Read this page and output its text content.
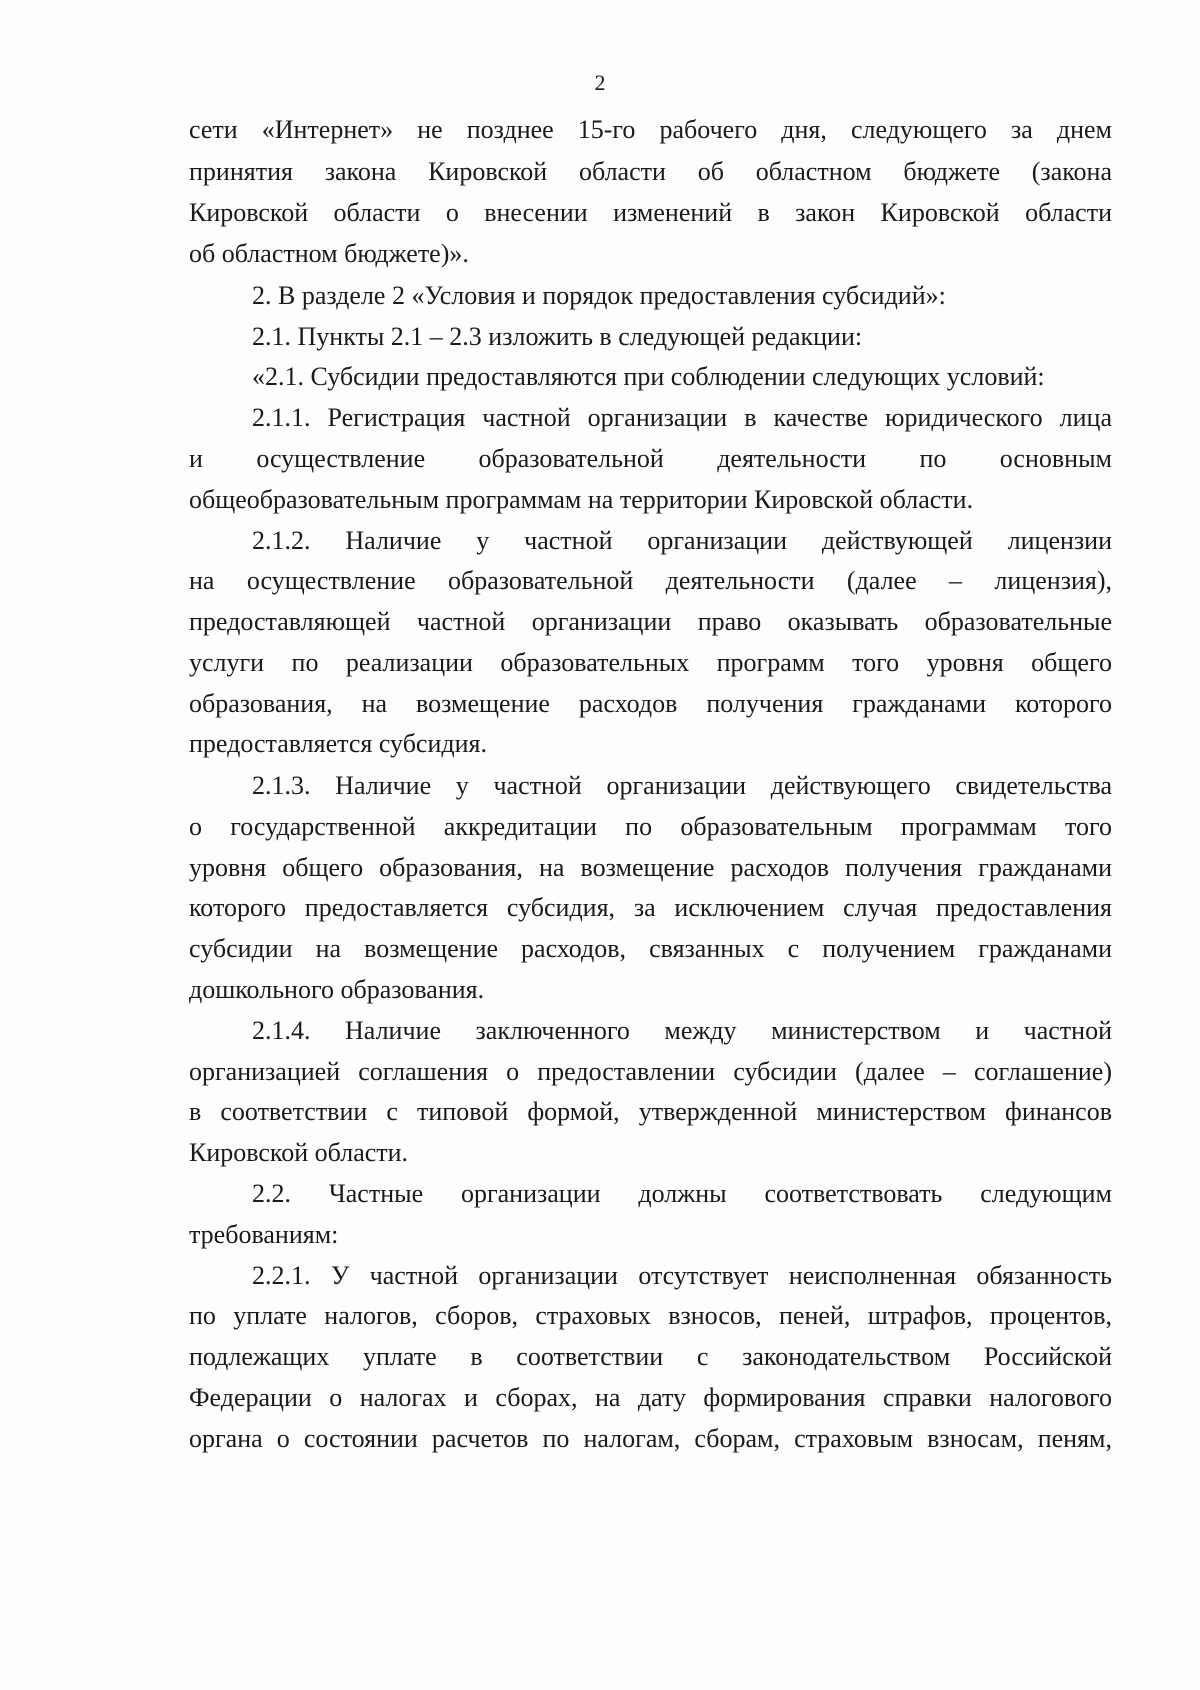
2
сети «Интернет» не позднее 15-го рабочего дня, следующего за днем
принятия закона Кировской области об областном бюджете (закона
Кировской области о внесении изменений в закон Кировской области
об областном бюджете)».
2. В разделе 2 «Условия и порядок предоставления субсидий»:
2.1. Пункты 2.1 – 2.3 изложить в следующей редакции:
«2.1. Субсидии предоставляются при соблюдении следующих условий:
2.1.1. Регистрация частной организации в качестве юридического лица
и осуществление образовательной деятельности по основным
общеобразовательным программам на территории Кировской области.
2.1.2. Наличие у частной организации действующей лицензии
на осуществление образовательной деятельности (далее – лицензия),
предоставляющей частной организации право оказывать образовательные
услуги по реализации образовательных программ того уровня общего
образования, на возмещение расходов получения гражданами которого
предоставляется субсидия.
2.1.3. Наличие у частной организации действующего свидетельства
о государственной аккредитации по образовательным программам того
уровня общего образования, на возмещение расходов получения гражданами
которого предоставляется субсидия, за исключением случая предоставления
субсидии на возмещение расходов, связанных с получением гражданами
дошкольного образования.
2.1.4. Наличие заключенного между министерством и частной
организацией соглашения о предоставлении субсидии (далее – соглашение)
в соответствии с типовой формой, утвержденной министерством финансов
Кировской области.
2.2. Частные организации должны соответствовать следующим
требованиям:
2.2.1. У частной организации отсутствует неисполненная обязанность
по уплате налогов, сборов, страховых взносов, пеней, штрафов, процентов,
подлежащих уплате в соответствии с законодательством Российской
Федерации о налогах и сборах, на дату формирования справки налогового
органа о состоянии расчетов по налогам, сборам, страховым взносам, пеням,
